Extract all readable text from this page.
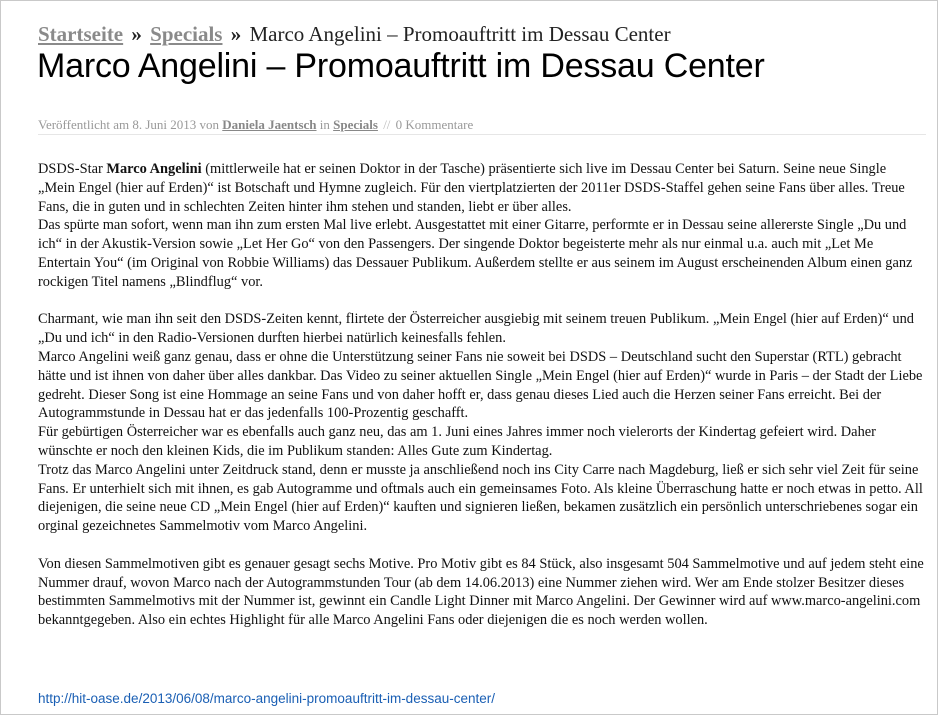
Startseite » Specials » Marco Angelini – Promoauftritt im Dessau Center
Marco Angelini – Promoauftritt im Dessau Center
Veröffentlicht am 8. Juni 2013 von Daniela Jaentsch in Specials // 0 Kommentare

DSDS-Star Marco Angelini (mittlerweile hat er seinen Doktor in der Tasche) präsentierte sich live im Dessau Center bei Saturn. Seine neue Single „Mein Engel (hier auf Erden)“ ist Botschaft und Hymne zugleich. Für den viertplatzierten der 2011er DSDS-Staffel gehen seine Fans über alles. Treue Fans, die in guten und in schlechten Zeiten hinter ihm stehen und standen, liebt er über alles.

Das spürte man sofort, wenn man ihn zum ersten Mal live erlebt. Ausgestattet mit einer Gitarre, performte er in Dessau seine allererste Single „Du und ich“ in der Akustik-Version sowie „Let Her Go“ von den Passengers. Der singende Doktor begeisterte mehr als nur einmal u.a. auch mit „Let Me Entertain You“ (im Original von Robbie Williams) das Dessauer Publikum. Außerdem stellte er aus seinem im August erscheinenden Album einen ganz rockigen Titel namens „Blindflug“ vor.

Charmant, wie man ihn seit den DSDS-Zeiten kennt, flirtete der Österreicher ausgiebig mit seinem treuen Publikum. „Mein Engel (hier auf Erden)“ und „Du und ich“ in den Radio-Versionen durften hierbei natürlich keinesfalls fehlen.

Marco Angelini weiß ganz genau, dass er ohne die Unterstützung seiner Fans nie soweit bei DSDS – Deutschland sucht den Superstar (RTL) gebracht hätte und ist ihnen von daher über alles dankbar. Das Video zu seiner aktuellen Single „Mein Engel (hier auf Erden)“ wurde in Paris – der Stadt der Liebe gedreht. Dieser Song ist eine Hommage an seine Fans und von daher hofft er, dass genau dieses Lied auch die Herzen seiner Fans erreicht. Bei der Autogrammstunde in Dessau hat er das jedenfalls 100-Prozentig geschafft.

Für gebürtigen Österreicher war es ebenfalls auch ganz neu, das am 1. Juni eines Jahres immer noch vielerorts der Kindertag gefeiert wird. Daher wünschte er noch den kleinen Kids, die im Publikum standen: Alles Gute zum Kindertag.

Trotz das Marco Angelini unter Zeitdruck stand, denn er musste ja anschließend noch ins City Carre nach Magdeburg, ließ er sich sehr viel Zeit für seine Fans. Er unterhielt sich mit ihnen, es gab Autogramme und oftmals auch ein gemeinsames Foto. Als kleine Überraschung hatte er noch etwas in petto. All diejenigen, die seine neue CD „Mein Engel (hier auf Erden)“ kauften und signieren ließen, bekamen zusätzlich ein persönlich unterschriebenes sogar ein orginal gezeichnetes Sammelmotiv vom Marco Angelini.

Von diesen Sammelmotiven gibt es genauer gesagt sechs Motive. Pro Motiv gibt es 84 Stück, also insgesamt 504 Sammelmotive und auf jedem steht eine Nummer drauf, wovon Marco nach der Autogrammstunden Tour (ab dem 14.06.2013) eine Nummer ziehen wird. Wer am Ende stolzer Besitzer dieses bestimmten Sammelmotivs mit der Nummer ist, gewinnt ein Candle Light Dinner mit Marco Angelini. Der Gewinner wird auf www.marco-angelini.com bekanntgegeben. Also ein echtes Highlight für alle Marco Angelini Fans oder diejenigen die es noch werden wollen.

http://hit-oase.de/2013/06/08/marco-angelini-promoauftritt-im-dessau-center/
